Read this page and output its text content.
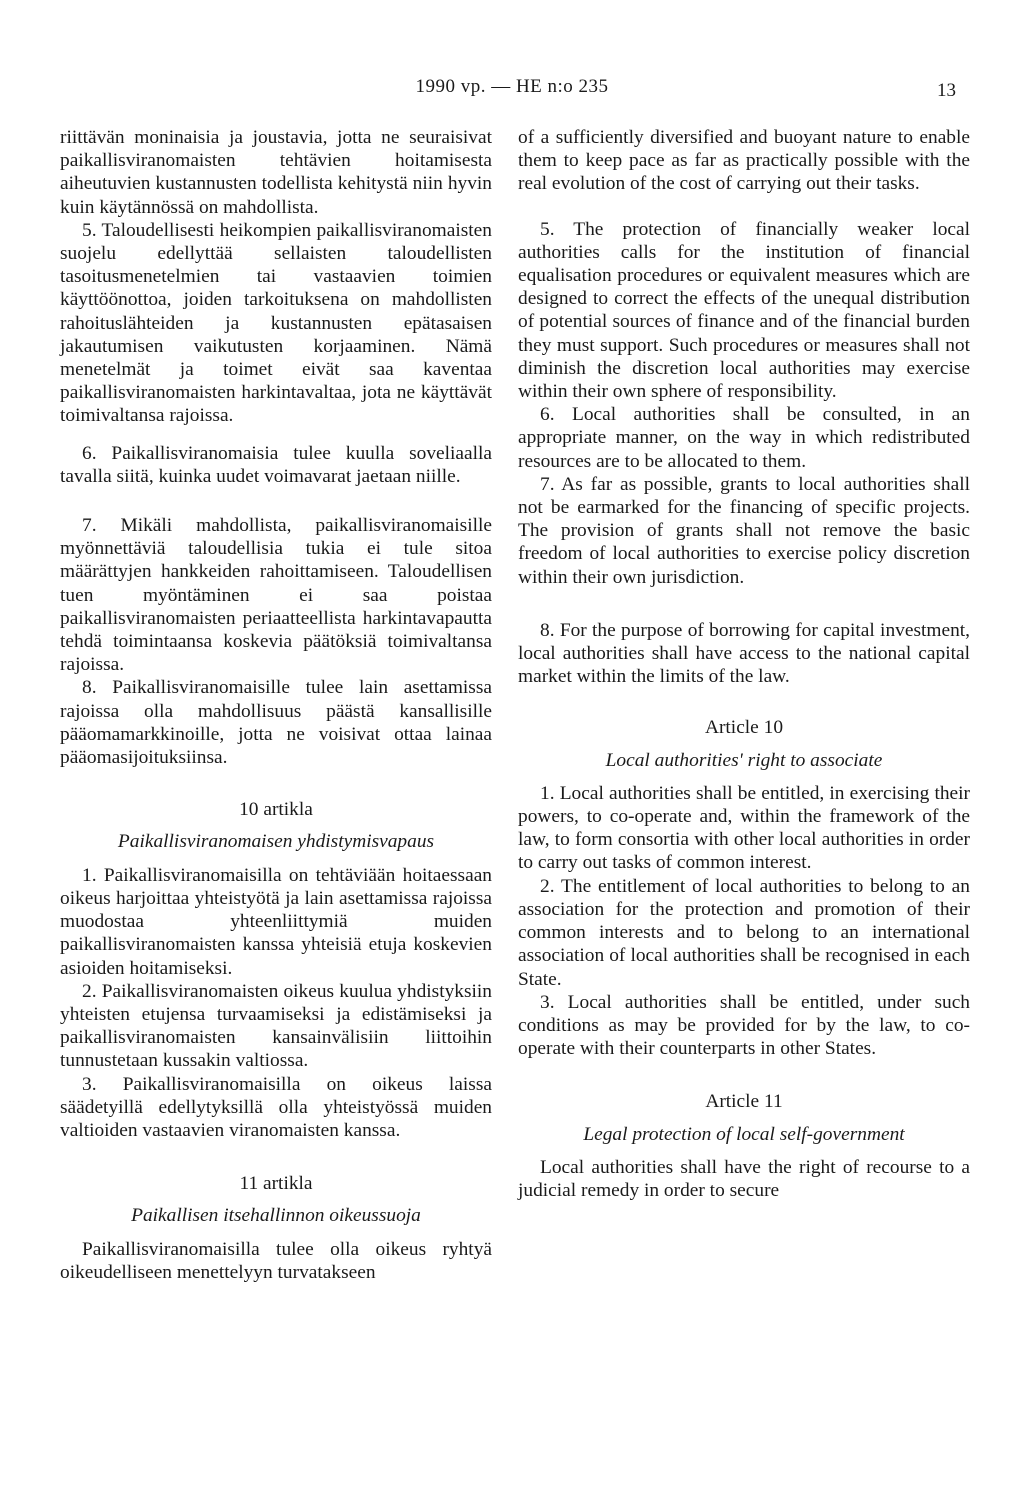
1990 vp. — HE n:o 235	13

riittävän moninaisia ja joustavia, jotta ne seuraisivat paikallisviranomaisten tehtävien hoitamisesta aiheutuvien kustannusten todellista kehitystä niin hyvin kuin käytännössä on mahdollista.

5. Taloudellisesti heikompien paikallisviranomaisten suojelu edellyttää sellaisten taloudellisten tasoitusmenetelmien tai vastaavien toimien käyttöönottoa, joiden tarkoituksena on mahdollisten rahoituslähteiden ja kustannusten epätasaisen jakautumisen vaikutusten korjaaminen. Nämä menetelmät ja toimet eivät saa kaventaa paikallisviranomaisten harkintavaltaa, jota ne käyttävät toimivaltansa rajoissa.

6. Paikallisviranomaisia tulee kuulla soveliaalla tavalla siitä, kuinka uudet voimavarat jaetaan niille.

7. Mikäli mahdollista, paikallisviranomaisille myönnettäviä taloudellisia tukia ei tule sitoa määrättyjen hankkeiden rahoittamiseen. Taloudellisen tuen myöntäminen ei saa poistaa paikallisviranomaisten periaatteellista harkintavapautta tehdä toimintaansa koskevia päätöksiä toimivaltansa rajoissa.

8. Paikallisviranomaisille tulee lain asettamissa rajoissa olla mahdollisuus päästä kansallisille pääomamarkkinoille, jotta ne voisivat ottaa lainaa pääomasijoituksiinsa.

10 artikla

Paikallisviranomaisen yhdistymisvapaus

1. Paikallisviranomaisilla on tehtäviään hoitaessaan oikeus harjoittaa yhteistyötä ja lain asettamissa rajoissa muodostaa yhteenliittymiä muiden paikallisviranomaisten kanssa yhteisiä etuja koskevien asioiden hoitamiseksi.

2. Paikallisviranomaisten oikeus kuulua yhdistyksiin yhteisten etujensa turvaamiseksi ja edistämiseksi ja paikallisviranomaisten kansainvälisiin liittoihin tunnustetaan kussakin valtiossa.

3. Paikallisviranomaisilla on oikeus laissa säädetyillä edellytyksillä olla yhteistyössä muiden valtioiden vastaavien viranomaisten kanssa.

11 artikla

Paikallisen itsehallinnon oikeussuoja

Paikallisviranomaisilla tulee olla oikeus ryhtyä oikeudelliseen menettelyyn turvatakseen

of a sufficiently diversified and buoyant nature to enable them to keep pace as far as practically possible with the real evolution of the cost of carrying out their tasks.

5. The protection of financially weaker local authorities calls for the institution of financial equalisation procedures or equivalent measures which are designed to correct the effects of the unequal distribution of potential sources of finance and of the financial burden they must support. Such procedures or measures shall not diminish the discretion local authorities may exercise within their own sphere of responsibility.

6. Local authorities shall be consulted, in an appropriate manner, on the way in which redistributed resources are to be allocated to them.

7. As far as possible, grants to local authorities shall not be earmarked for the financing of specific projects. The provision of grants shall not remove the basic freedom of local authorities to exercise policy discretion within their own jurisdiction.

8. For the purpose of borrowing for capital investment, local authorities shall have access to the national capital market within the limits of the law.

Article 10

Local authorities' right to associate

1. Local authorities shall be entitled, in exercising their powers, to co-operate and, within the framework of the law, to form consortia with other local authorities in order to carry out tasks of common interest.

2. The entitlement of local authorities to belong to an association for the protection and promotion of their common interests and to belong to an international association of local authorities shall be recognised in each State.

3. Local authorities shall be entitled, under such conditions as may be provided for by the law, to co-operate with their counterparts in other States.

Article 11

Legal protection of local self-government

Local authorities shall have the right of recourse to a judicial remedy in order to secure
